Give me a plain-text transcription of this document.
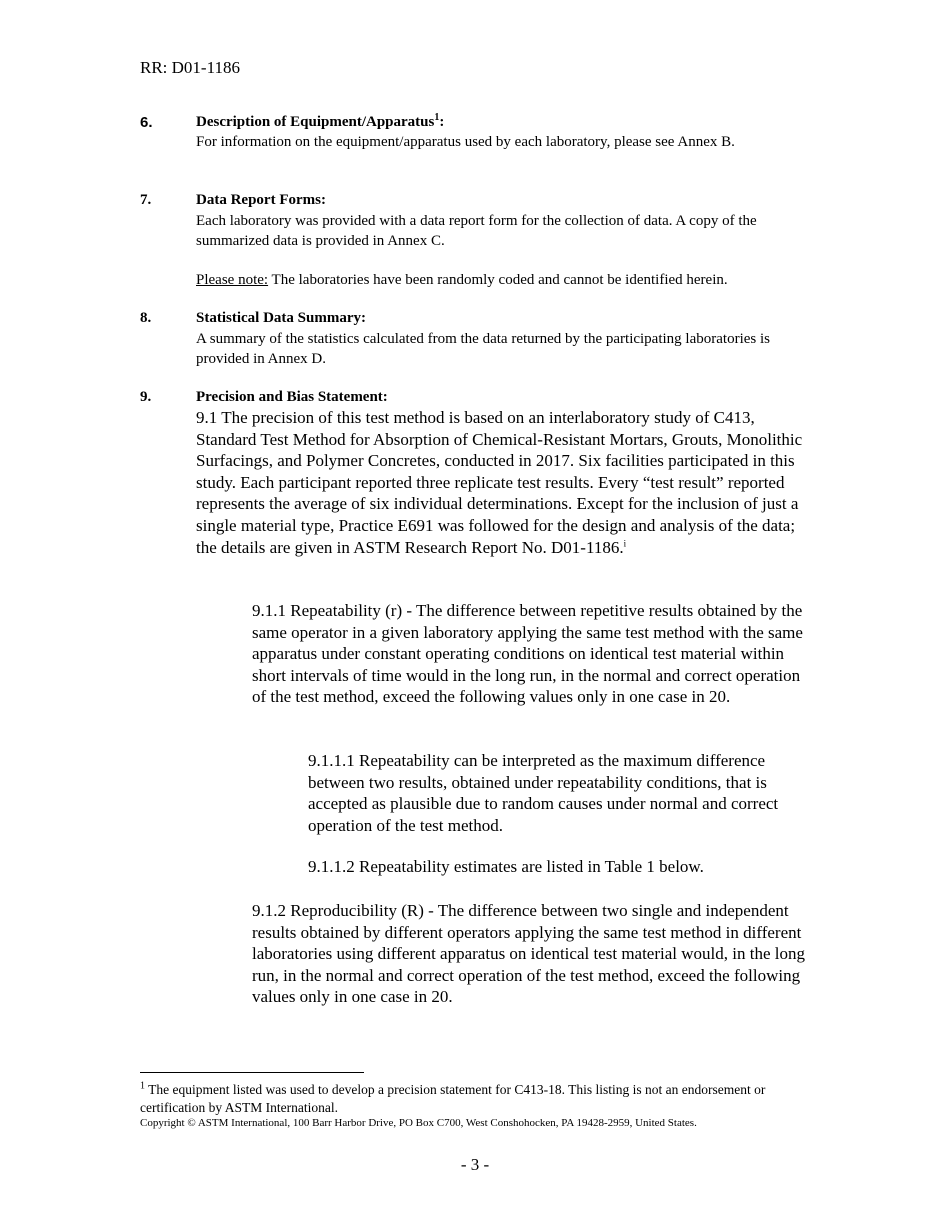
RR: D01-1186
6.	Description of Equipment/Apparatus$^1$:
For information on the equipment/apparatus used by each laboratory, please see Annex B.
7.	Data Report Forms:
Each laboratory was provided with a data report form for the collection of data. A copy of the summarized data is provided in Annex C.
Please note: The laboratories have been randomly coded and cannot be identified herein.
8.	Statistical Data Summary:
A summary of the statistics calculated from the data returned by the participating laboratories is provided in Annex D.
9.	Precision and Bias Statement:
9.1 The precision of this test method is based on an interlaboratory study of C413, Standard Test Method for Absorption of Chemical-Resistant Mortars, Grouts, Monolithic Surfacings, and Polymer Concretes, conducted in 2017. Six facilities participated in this study. Each participant reported three replicate test results. Every “test result” reported represents the average of six individual determinations. Except for the inclusion of just a single material type, Practice E691 was followed for the design and analysis of the data; the details are given in ASTM Research Report No. D01-1186.$^i$
9.1.1 Repeatability (r) - The difference between repetitive results obtained by the same operator in a given laboratory applying the same test method with the same apparatus under constant operating conditions on identical test material within short intervals of time would in the long run, in the normal and correct operation of the test method, exceed the following values only in one case in 20.
9.1.1.1 Repeatability can be interpreted as the maximum difference between two results, obtained under repeatability conditions, that is accepted as plausible due to random causes under normal and correct operation of the test method.
9.1.1.2 Repeatability estimates are listed in Table 1 below.
9.1.2 Reproducibility (R) - The difference between two single and independent results obtained by different operators applying the same test method in different laboratories using different apparatus on identical test material would, in the long run, in the normal and correct operation of the test method, exceed the following values only in one case in 20.
$^1$ The equipment listed was used to develop a precision statement for C413-18. This listing is not an endorsement or certification by ASTM International.
Copyright © ASTM International, 100 Barr Harbor Drive, PO Box C700, West Conshohocken, PA 19428-2959, United States.
- 3 -
